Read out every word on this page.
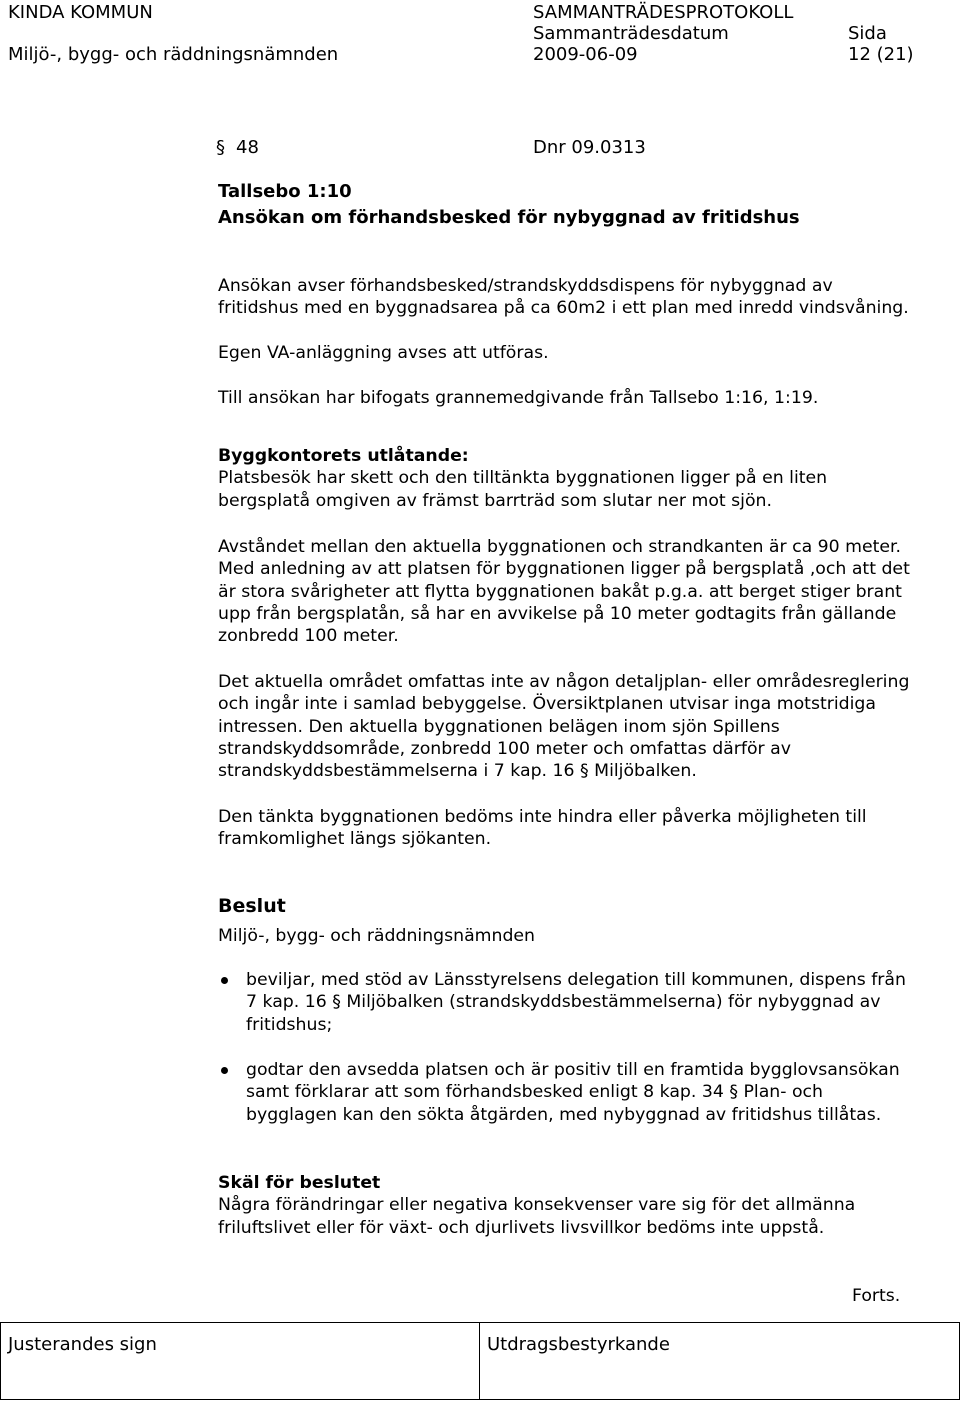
KINDA KOMMUN	SAMMANTRÄDESPROTOKOLL
Miljö-, bygg- och räddningsnämnden
Sammanträdesdatum
2009-06-09
Sida
12 (21)
§ 48	Dnr 09.0313
Tallsebo 1:10
Ansökan om förhandsbesked för nybyggnad av fritidshus
Ansökan avser förhandsbesked/strandskyddsdispens för nybyggnad av
fritidshus med en byggnadsarea på ca 60m2 i ett plan med inredd vindsvåning.
Egen VA-anläggning avses att utföras.
Till ansökan har bifogats grannemedgivande från Tallsebo 1:16, 1:19.
Byggkontorets utlåtande:
Platsbesök har skett och den tilltänkta byggnationen ligger på en liten
bergsplatå omgiven av främst barrträd som slutar ner mot sjön.
Avståndet mellan den aktuella byggnationen och strandkanten är ca 90 meter.
Med anledning av att platsen för byggnationen ligger på bergsplatå ,och att det
är stora svårigheter att flytta byggnationen bakåt p.g.a. att berget stiger brant
upp från bergsplatån, så har en avvikelse på 10 meter godtagits från gällande
zonbredd 100 meter.
Det aktuella området omfattas inte av någon detaljplan- eller områdesreglering
och ingår inte i samlad bebyggelse. Översiktplanen utvisar inga motstridiga
intressen. Den aktuella byggnationen belägen inom sjön Spillens
strandskyddsområde, zonbredd 100 meter och omfattas därför av
strandskyddsbestämmelserna i 7 kap. 16 § Miljöbalken.
Den tänkta byggnationen bedöms inte hindra eller påverka möjligheten till
framkomlighet längs sjökanten.
Beslut
Miljö-, bygg- och räddningsnämnden
beviljar, med stöd av Länsstyrelsens delegation till kommunen, dispens från
7 kap. 16 § Miljöbalken (strandskyddsbestämmelserna) för nybyggnad av
fritidshus;
godtar den avsedda platsen och är positiv till en framtida bygglovsansökan
samt förklarar att som förhandsbesked enligt 8 kap. 34 § Plan- och
bygglagen kan den sökta åtgärden, med nybyggnad av fritidshus tillåtas.
Skäl för beslutet
Några förändringar eller negativa konsekvenser vare sig för det allmänna
friluftslivet eller för växt- och djurlivets livsvillkor bedöms inte uppstå.
Forts.
Justerandes sign	Utdragsbestyrkande
